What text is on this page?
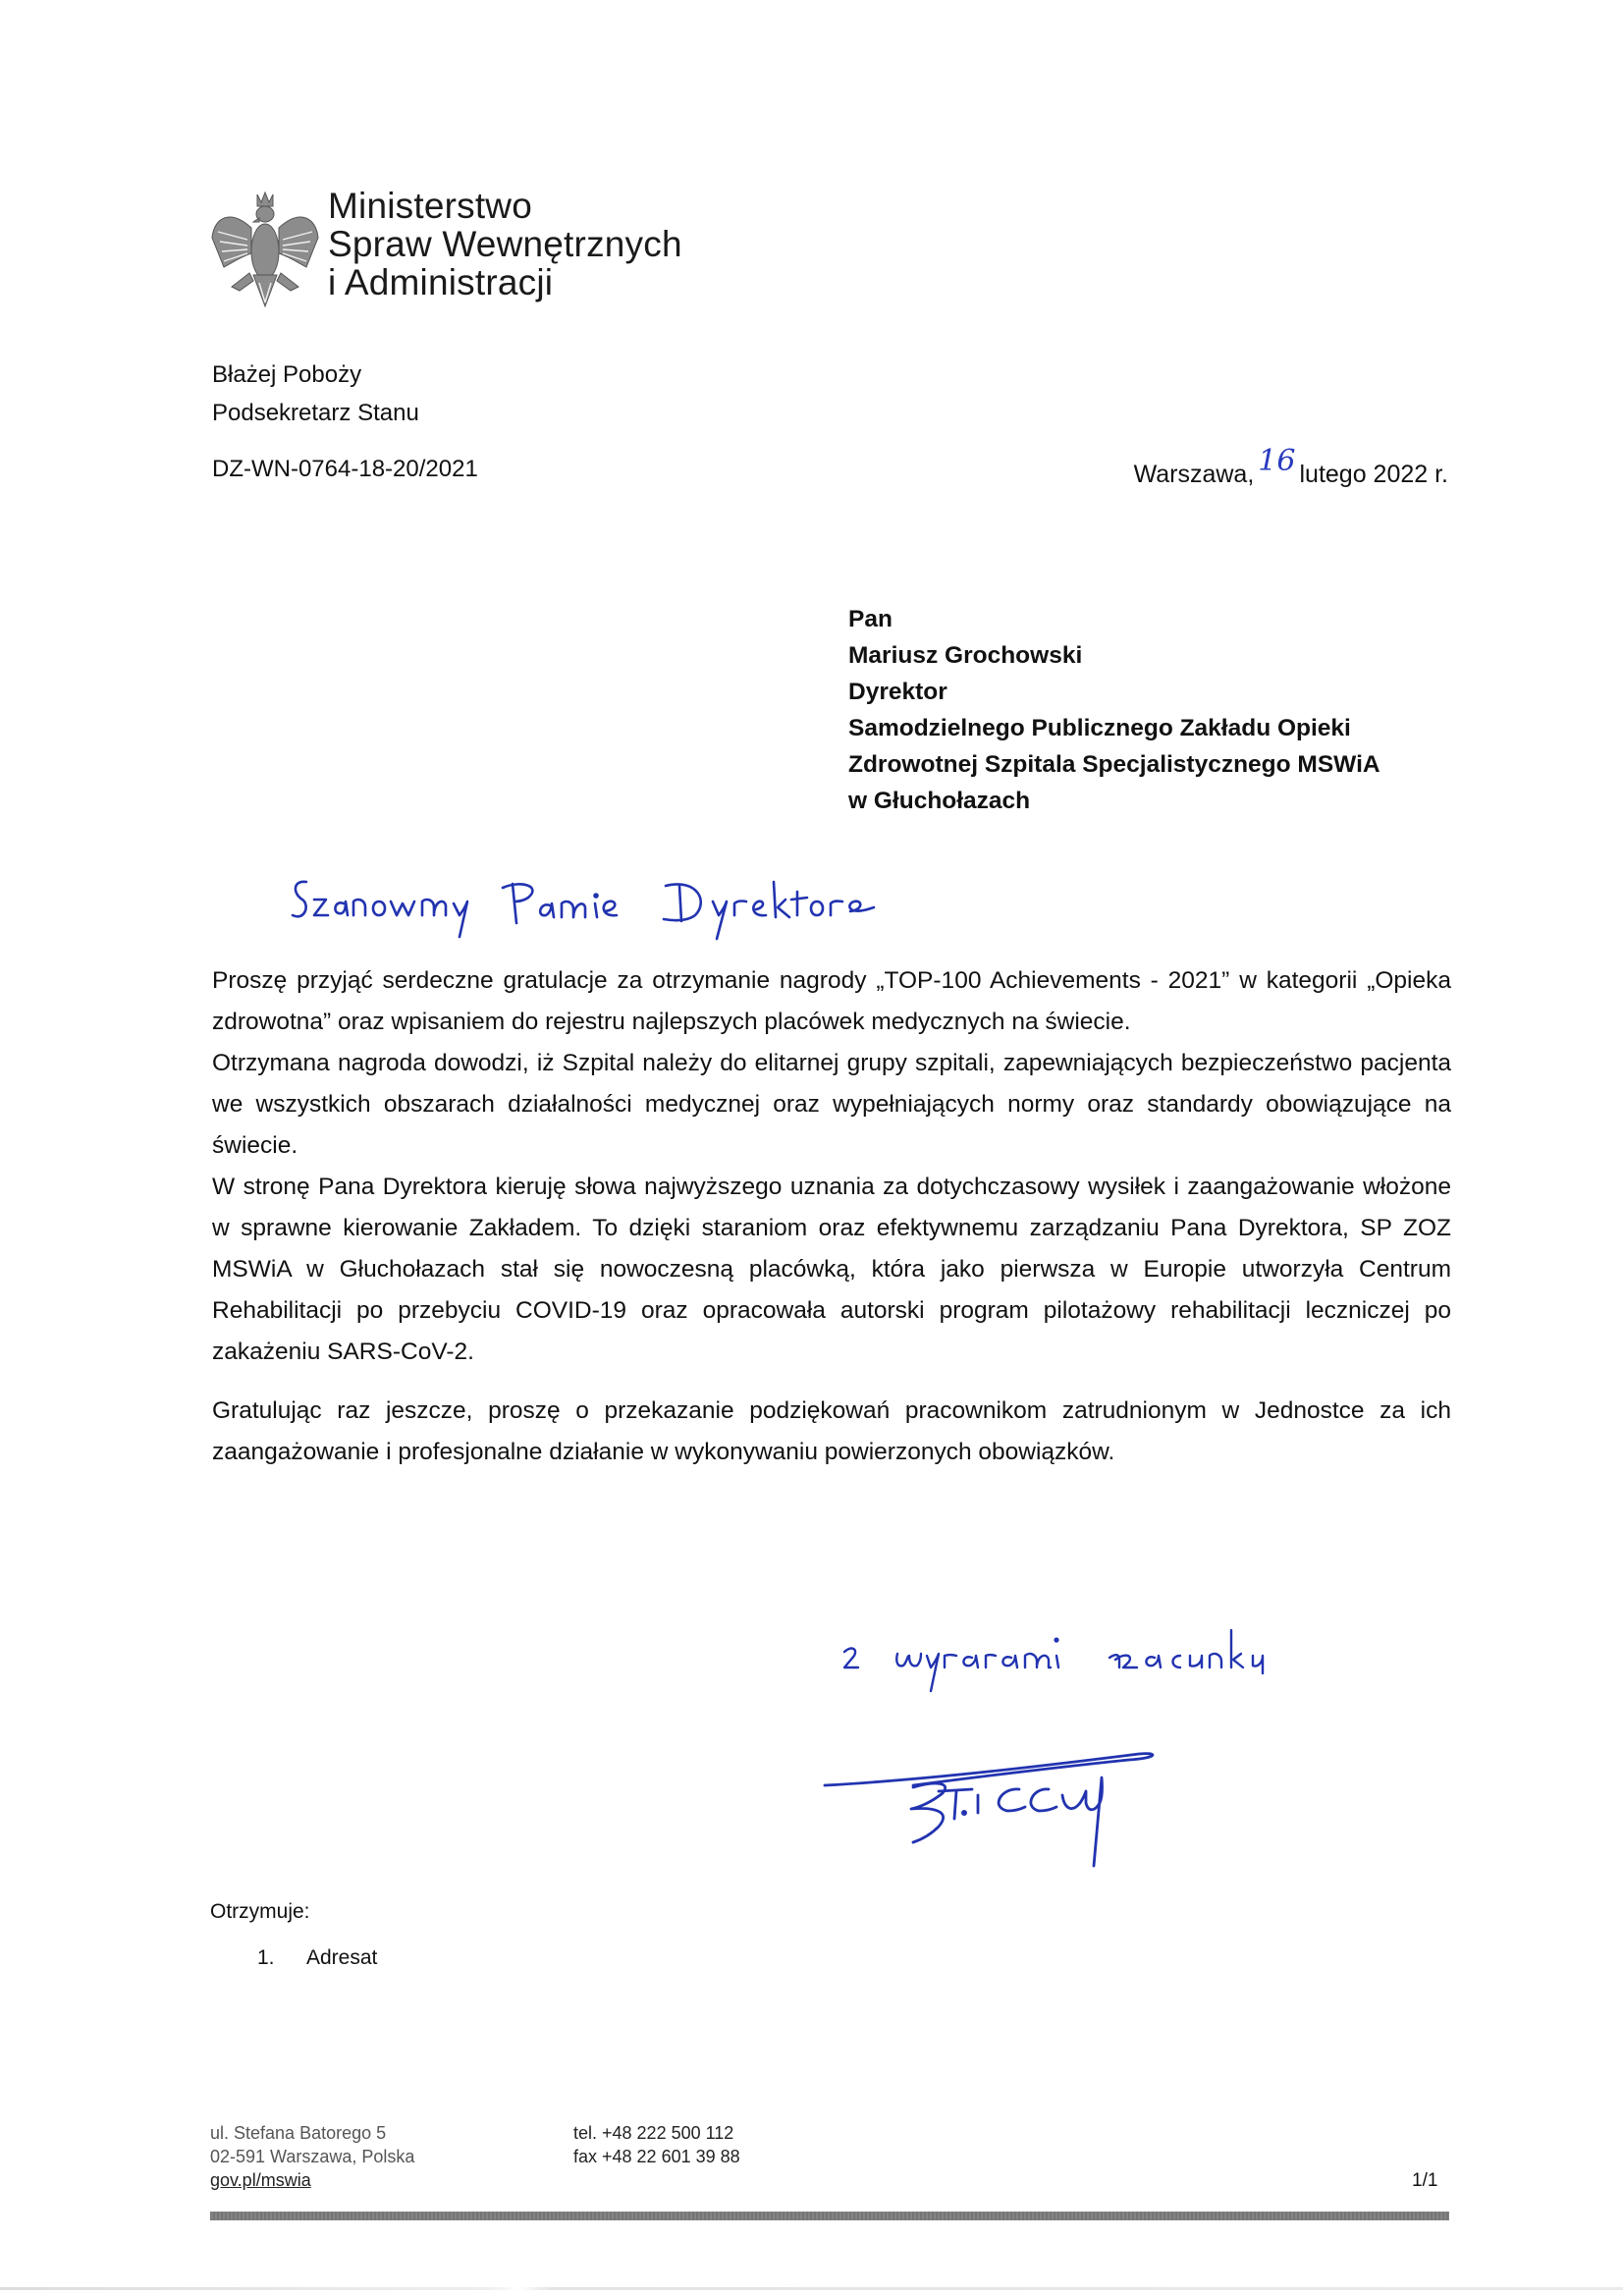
Ministerstwo
Spraw Wewnętrznych
i Administracji
Błażej Poboży
Podsekretarz Stanu
DZ-WN-0764-18-20/2021	Warszawa, 16 lutego 2022 r.
Pan
Mariusz Grochowski
Dyrektor
Samodzielnego Publicznego Zakładu Opieki
Zdrowotnej Szpitala Specjalistycznego MSWiA
w Głuchołazach

Proszę przyjąć serdeczne gratulacje za otrzymanie nagrody „TOP-100 Achievements - 2021” w kategorii „Opieka zdrowotna” oraz wpisaniem do rejestru najlepszych placówek medycznych na świecie.

Otrzymana nagroda dowodzi, iż Szpital należy do elitarnej grupy szpitali, zapewniających bezpieczeństwo pacjenta we wszystkich obszarach działalności medycznej oraz wypełniających normy oraz standardy obowiązujące na świecie.

W stronę Pana Dyrektora kieruję słowa najwyższego uznania za dotychczasowy wysiłek i zaangażowanie włożone w sprawne kierowanie Zakładem. To dzięki staraniom oraz efektywnemu zarządzaniu Pana Dyrektora, SP ZOZ MSWiA w Głuchołazach stał się nowoczesną placówką, która jako pierwsza w Europie utworzyła Centrum Rehabilitacji po przebyciu COVID-19 oraz opracowała autorski program pilotażowy rehabilitacji leczniczej po zakażeniu SARS-CoV-2.

Gratulując raz jeszcze, proszę o przekazanie podziękowań pracownikom zatrudnionym w Jednostce za ich zaangażowanie i profesjonalne działanie w wykonywaniu powierzonych obowiązków.

Otrzymuje:
1. Adresat
ul. Stefana Batorego 5
02-591 Warszawa, Polska
gov.pl/mswia
tel. +48 222 500 112
fax +48 22 601 39 88
1/1
